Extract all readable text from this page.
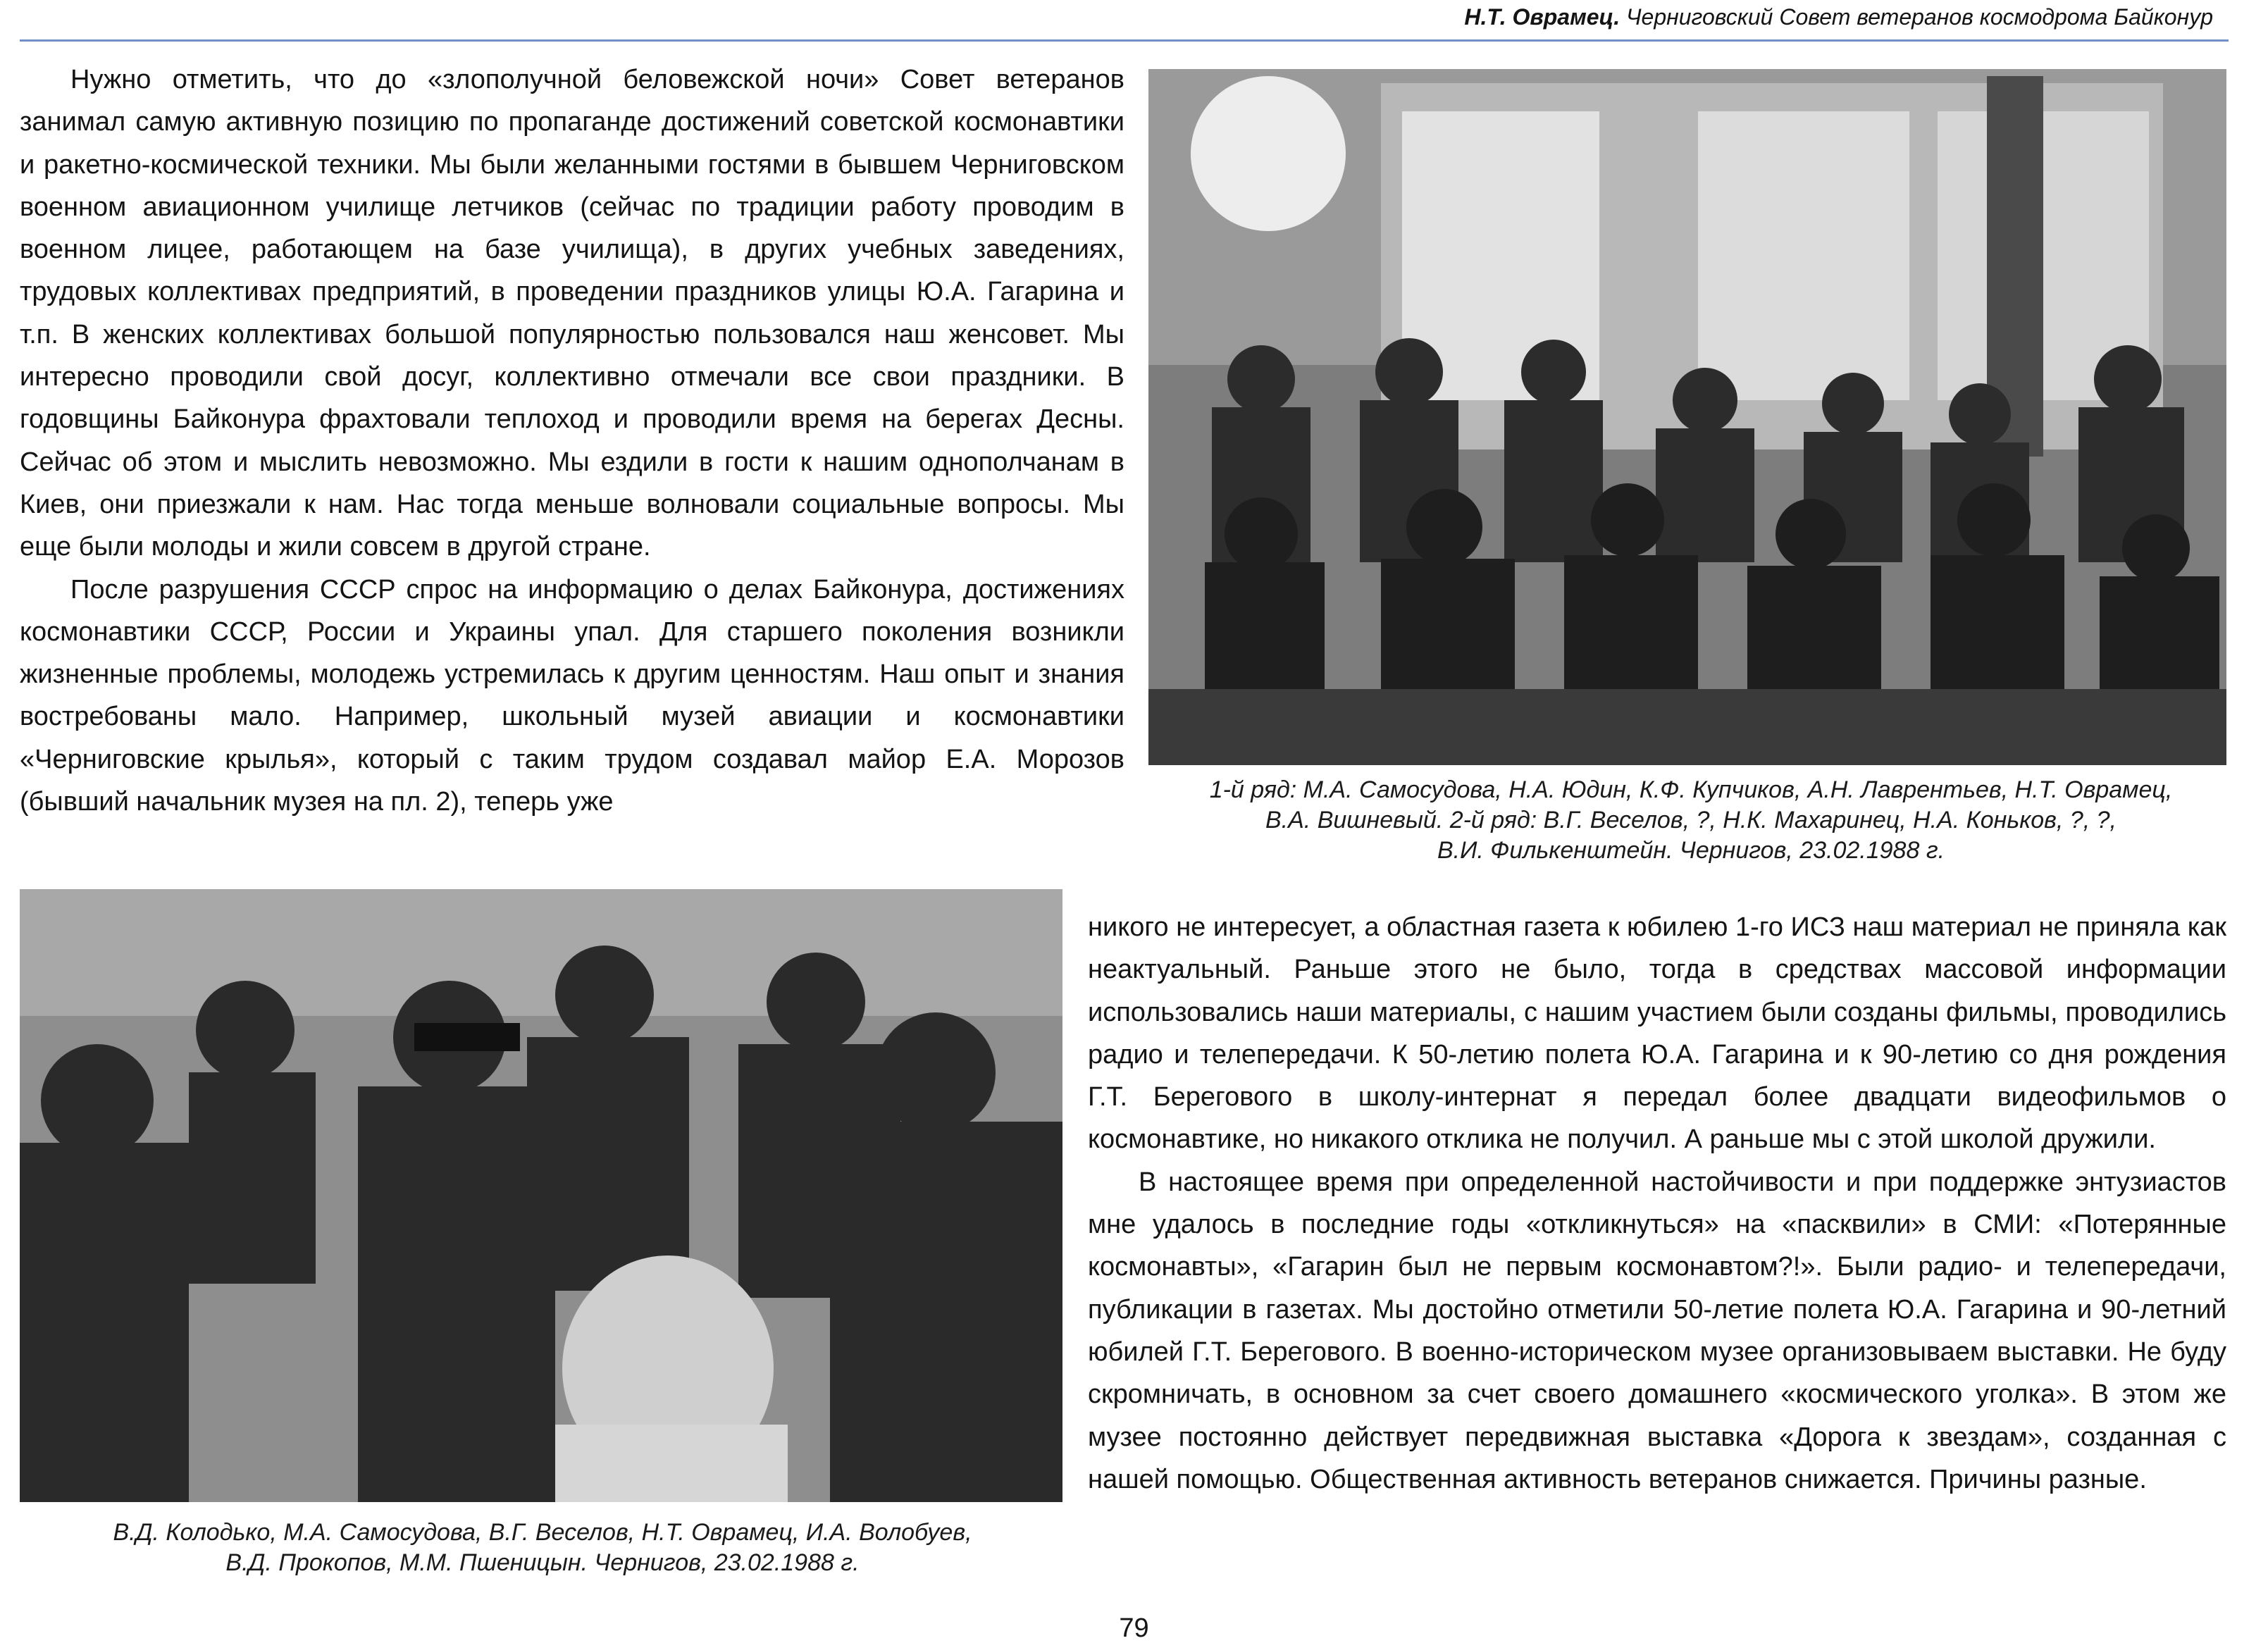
Н.Т. Оврамец. Черниговский Совет ветеранов космодрома Байконур

Нужно отметить, что до «злополучной беловежской ночи» Совет ветеранов занимал самую активную позицию по пропаганде достижений советской космонавтики и ракетно-космической техники. Мы были желанными гостями в бывшем Черниговском военном авиационном училище летчиков (сейчас по традиции работу проводим в военном лицее, работающем на базе училища), в других учебных заведениях, трудовых коллективах предприятий, в проведении праздников улицы Ю.А. Гагарина и т.п. В женских коллективах большой популярностью пользовался наш женсовет. Мы интересно проводили свой досуг, коллективно отмечали все свои праздники. В годовщины Байконура фрахтовали теплоход и проводили время на берегах Десны. Сейчас об этом и мыслить невозможно. Мы ездили в гости к нашим однополчанам в Киев, они приезжали к нам. Нас тогда меньше волновали социальные вопросы. Мы еще были молоды и жили совсем в другой стране.

После разрушения СССР спрос на информацию о делах Байконура, достижениях космонавтики СССР, России и Украины упал. Для старшего поколения возникли жизненные проблемы, молодежь устремилась к другим ценностям. Наш опыт и знания востребованы мало. Например, школьный музей авиации и космонавтики «Черниговские крылья», который с таким трудом создавал майор Е.А. Морозов (бывший начальник музея на пл. 2), теперь уже	1-й ряд: М.А. Самосудова, Н.А. Юдин, К.Ф. Купчиков, А.Н. Лаврентьев, Н.Т. Оврамец,
В.А. Вишневый. 2-й ряд: В.Г. Веселов, ?, Н.К. Махаринец, Н.А. Коньков, ?, ?,
В.И. Филькенштейн. Чернигов, 23.02.1988 г.
В.Д. Колодько, М.А. Самосудова, В.Г. Веселов, Н.Т. Оврамец, И.А. Волобуев,
В.Д. Прокопов, М.М. Пшеницын. Чернигов, 23.02.1988 г.

никого не интересует, а областная газета к юбилею 1-го ИСЗ наш материал не приняла как неактуальный. Раньше этого не было, тогда в средствах массовой информации использовались наши материалы, с нашим участием были созданы фильмы, проводились радио и телепередачи. К 50-летию полета Ю.А. Гагарина и к 90-летию со дня рождения Г.Т. Берегового в школу-интернат я передал более двадцати видеофильмов о космонавтике, но никакого отклика не получил. А раньше мы с этой школой дружили.

В настоящее время при определенной настойчивости и при поддержке энтузиастов мне удалось в последние годы «откликнуться» на «пасквили» в СМИ: «Потерянные космонавты», «Гагарин был не первым космонавтом?!». Были радио- и телепередачи, публикации в газетах. Мы достойно отметили 50-летие полета Ю.А. Гагарина и 90-летний юбилей Г.Т. Берегового. В военно-историческом музее организовываем выставки. Не буду скромничать, в основном за счет своего домашнего «космического уголка». В этом же музее постоянно действует передвижная выставка «Дорога к звездам», созданная с нашей помощью. Общественная активность ветеранов снижается. Причины разные.

79
